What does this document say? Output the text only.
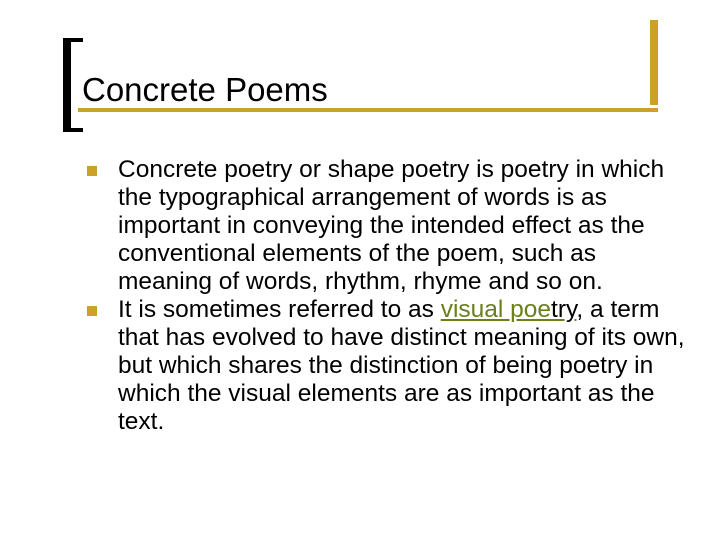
Concrete Poems
Concrete poetry or shape poetry is poetry in which the typographical arrangement of words is as important in conveying the intended effect as the conventional elements of the poem, such as meaning of words, rhythm, rhyme and so on.
It is sometimes referred to as visual poetry, a term that has evolved to have distinct meaning of its own, but which shares the distinction of being poetry in which the visual elements are as important as the text.
